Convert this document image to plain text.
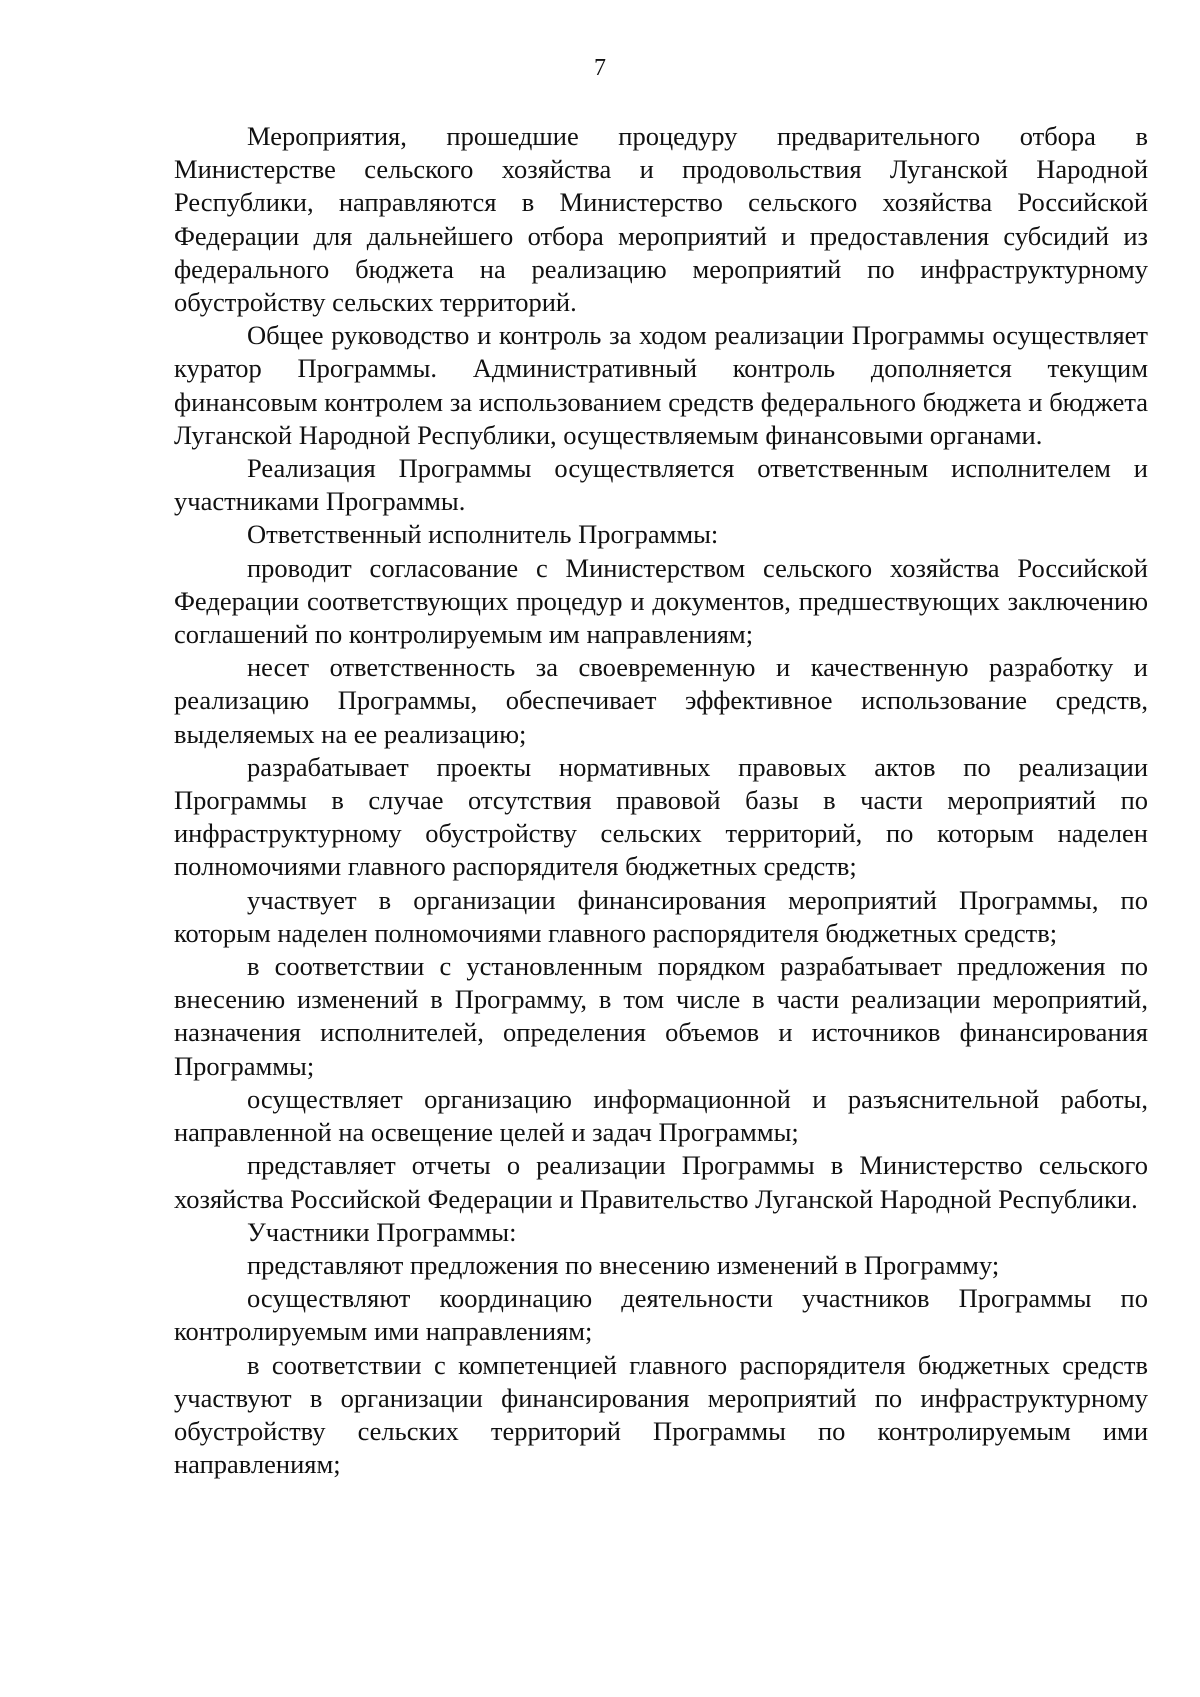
7

Мероприятия, прошедшие процедуру предварительного отбора в Министерстве сельского хозяйства и продовольствия Луганской Народной Республики, направляются в Министерство сельского хозяйства Российской Федерации для дальнейшего отбора мероприятий и предоставления субсидий из федерального бюджета на реализацию мероприятий по инфраструктурному обустройству сельских территорий.

Общее руководство и контроль за ходом реализации Программы осуществляет куратор Программы. Административный контроль дополняется текущим финансовым контролем за использованием средств федерального бюджета и бюджета Луганской Народной Республики, осуществляемым финансовыми органами.

Реализация Программы осуществляется ответственным исполнителем и участниками Программы.

Ответственный исполнитель Программы:

проводит согласование с Министерством сельского хозяйства Российской Федерации соответствующих процедур и документов, предшествующих заключению соглашений по контролируемым им направлениям;

несет ответственность за своевременную и качественную разработку и реализацию Программы, обеспечивает эффективное использование средств, выделяемых на ее реализацию;

разрабатывает проекты нормативных правовых актов по реализации Программы в случае отсутствия правовой базы в части мероприятий по инфраструктурному обустройству сельских территорий, по которым наделен полномочиями главного распорядителя бюджетных средств;

участвует в организации финансирования мероприятий Программы, по которым наделен полномочиями главного распорядителя бюджетных средств;

в соответствии с установленным порядком разрабатывает предложения по внесению изменений в Программу, в том числе в части реализации мероприятий, назначения исполнителей, определения объемов и источников финансирования Программы;

осуществляет организацию информационной и разъяснительной работы, направленной на освещение целей и задач Программы;

представляет отчеты о реализации Программы в Министерство сельского хозяйства Российской Федерации и Правительство Луганской Народной Республики.

Участники Программы:

представляют предложения по внесению изменений в Программу;

осуществляют координацию деятельности участников Программы по контролируемым ими направлениям;

в соответствии с компетенцией главного распорядителя бюджетных средств участвуют в организации финансирования мероприятий по инфраструктурному обустройству сельских территорий Программы по контролируемым ими направлениям;
